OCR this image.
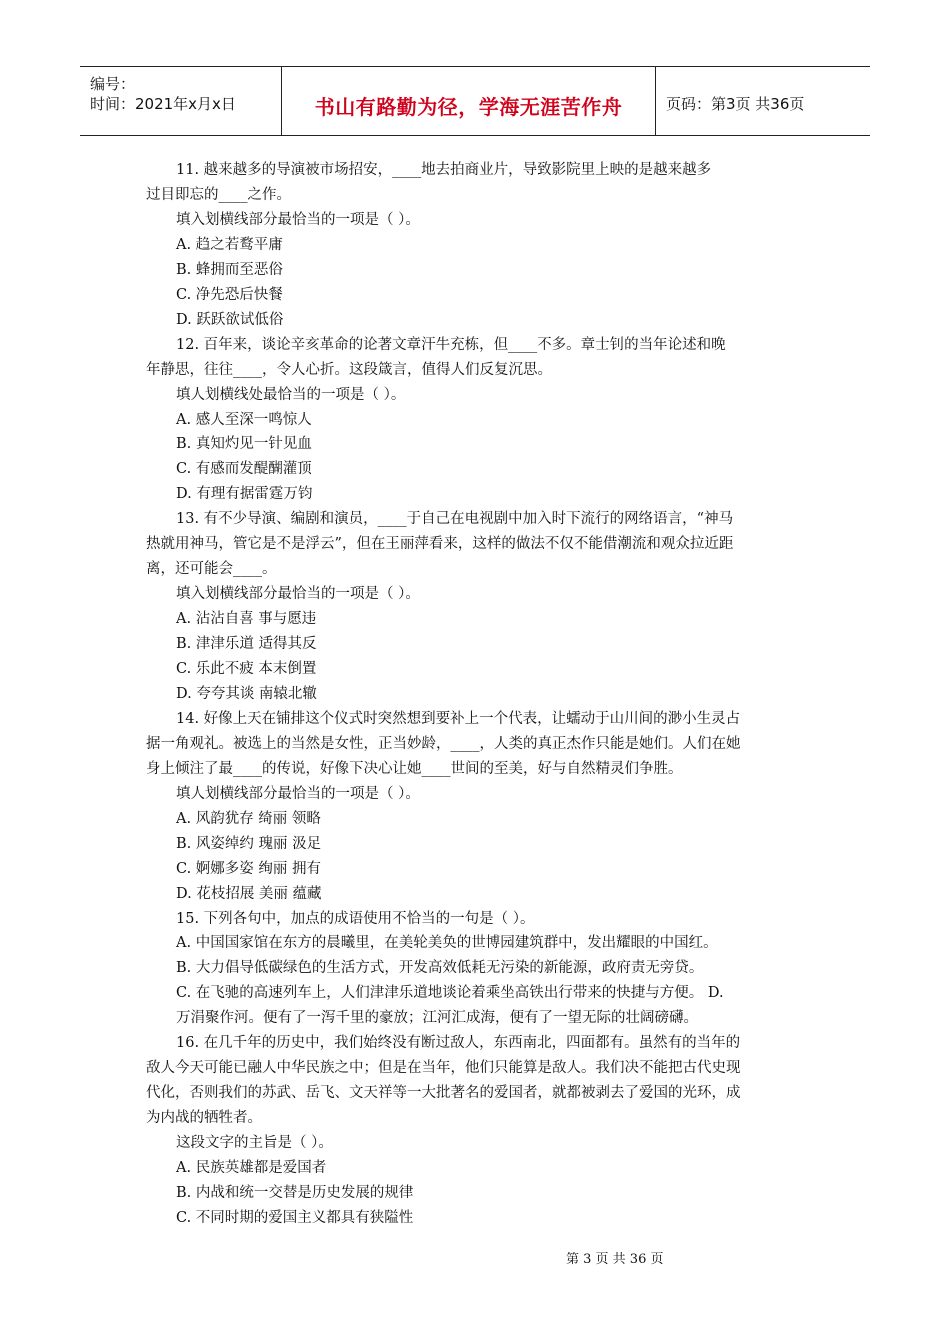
编号：
时间：2021年x月x日	书山有路勤为径，学海无涯苦作舟	页码：第3页 共36页
11. 越来越多的导演被市场招安，____地去拍商业片，导致影院里上映的是越来越多
过目即忘的____之作。
填入划横线部分最恰当的一项是（ ）。
A. 趋之若鹜平庸
B. 蜂拥而至恶俗
C. 净先恐后快餐
D. 跃跃欲试低俗
12. 百年来，谈论辛亥革命的论著文章汗牛充栋，但____不多。章士钊的当年论述和晚
年静思，往往____，令人心折。这段箴言，值得人们反复沉思。
填人划横线处最恰当的一项是（ ）。
A. 感人至深一鸣惊人
B. 真知灼见一针见血
C. 有感而发醍醐灌顶
D. 有理有据雷霆万钧
13. 有不少导演、编剧和演员，____于自己在电视剧中加入时下流行的网络语言，“神马
热就用神马，管它是不是浮云”，但在王丽萍看来，这样的做法不仅不能借潮流和观众拉近距
离，还可能会____。
填入划横线部分最恰当的一项是（ ）。
A. 沾沾自喜 事与愿违
B. 津津乐道 适得其反
C. 乐此不疲 本末倒置
D. 夸夸其谈 南辕北辙
14. 好像上天在铺排这个仪式时突然想到要补上一个代表，让蠕动于山川间的渺小生灵占
据一角观礼。被选上的当然是女性，正当妙龄，____，人类的真正杰作只能是她们。人们在她
身上倾注了最____的传说，好像下决心让她____世间的至美，好与自然精灵们争胜。
填人划横线部分最恰当的一项是（ ）。
A. 风韵犹存 绮丽 领略
B. 风姿绰约 瑰丽 汲足
C. 婀娜多姿 绚丽 拥有
D. 花枝招展 美丽 蕴藏
15. 下列各句中，加点的成语使用不恰当的一句是（ ）。
A. 中国国家馆在东方的晨曦里，在美轮美奂的世博园建筑群中，发出耀眼的中国红。
B. 大力倡导低碳绿色的生活方式，开发高效低耗无污染的新能源，政府责无旁贷。
C. 在飞驰的高速列车上，人们津津乐道地谈论着乘坐高铁出行带来的快捷与方便。 D.
万涓聚作河。便有了一泻千里的豪放；江河汇成海，便有了一望无际的壮阔磅礴。
16. 在几千年的历史中，我们始终没有断过敌人，东西南北，四面都有。虽然有的当年的
敌人今天可能已融人中华民族之中；但是在当年，他们只能算是敌人。我们决不能把古代史现
代化，否则我们的苏武、岳飞、文天祥等一大批著名的爱国者，就都被剥去了爱国的光环，成
为内战的牺牲者。
这段文字的主旨是（ ）。
A. 民族英雄都是爱国者
B. 内战和统一交替是历史发展的规律
C. 不同时期的爱国主义都具有狭隘性
第 3 页 共 36 页
